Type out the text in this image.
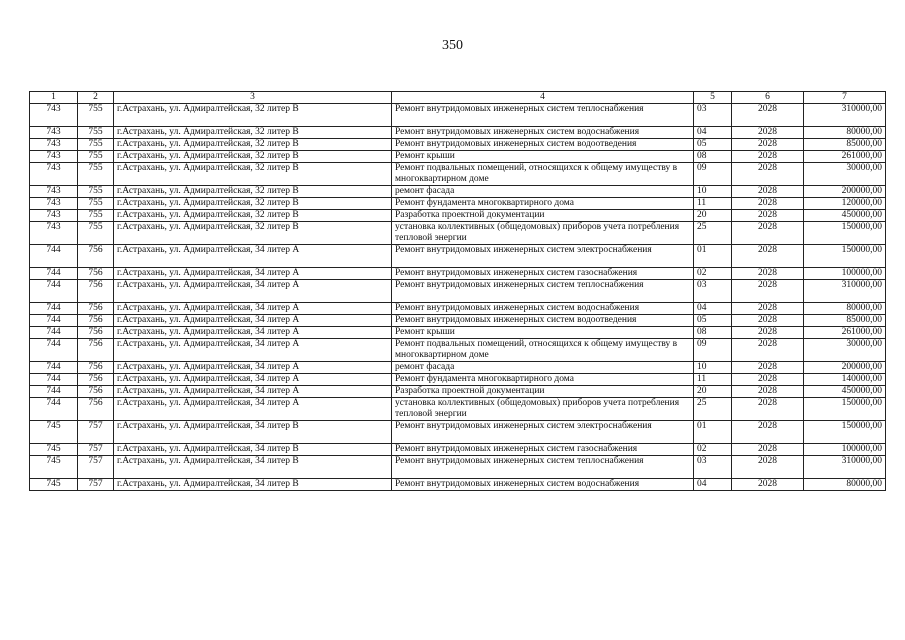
350
1	2	3	4	5	6	7
743	755	г.Астрахань, ул. Адмиралтейская, 32 литер В	Ремонт внутридомовых инженерных систем теплоснабжения	03	2028	310000,00
743	755	г.Астрахань, ул. Адмиралтейская, 32 литер В	Ремонт внутридомовых инженерных систем водоснабжения	04	2028	80000,00
743	755	г.Астрахань, ул. Адмиралтейская, 32 литер В	Ремонт внутридомовых инженерных систем водоотведения	05	2028	85000,00
743	755	г.Астрахань, ул. Адмиралтейская, 32 литер В	Ремонт крыши	08	2028	261000,00
743	755	г.Астрахань, ул. Адмиралтейская, 32 литер В	Ремонт подвальных помещений, относящихся к общему имуществу в многоквартирном доме	09	2028	30000,00
743	755	г.Астрахань, ул. Адмиралтейская, 32 литер В	ремонт фасада	10	2028	200000,00
743	755	г.Астрахань, ул. Адмиралтейская, 32 литер В	Ремонт фундамента многоквартирного дома	11	2028	120000,00
743	755	г.Астрахань, ул. Адмиралтейская, 32 литер В	Разработка проектной документации	20	2028	450000,00
743	755	г.Астрахань, ул. Адмиралтейская, 32 литер В	установка коллективных (общедомовых) приборов учета потребления тепловой энергии	25	2028	150000,00
744	756	г.Астрахань, ул. Адмиралтейская, 34 литер А	Ремонт внутридомовых инженерных систем электроснабжения	01	2028	150000,00
744	756	г.Астрахань, ул. Адмиралтейская, 34 литер А	Ремонт внутридомовых инженерных систем газоснабжения	02	2028	100000,00
744	756	г.Астрахань, ул. Адмиралтейская, 34 литер А	Ремонт внутридомовых инженерных систем теплоснабжения	03	2028	310000,00
744	756	г.Астрахань, ул. Адмиралтейская, 34 литер А	Ремонт внутридомовых инженерных систем водоснабжения	04	2028	80000,00
744	756	г.Астрахань, ул. Адмиралтейская, 34 литер А	Ремонт внутридомовых инженерных систем водоотведения	05	2028	85000,00
744	756	г.Астрахань, ул. Адмиралтейская, 34 литер А	Ремонт крыши	08	2028	261000,00
744	756	г.Астрахань, ул. Адмиралтейская, 34 литер А	Ремонт подвальных помещений, относящихся к общему имуществу в многоквартирном доме	09	2028	30000,00
744	756	г.Астрахань, ул. Адмиралтейская, 34 литер А	ремонт фасада	10	2028	200000,00
744	756	г.Астрахань, ул. Адмиралтейская, 34 литер А	Ремонт фундамента многоквартирного дома	11	2028	140000,00
744	756	г.Астрахань, ул. Адмиралтейская, 34 литер А	Разработка проектной документации	20	2028	450000,00
744	756	г.Астрахань, ул. Адмиралтейская, 34 литер А	установка коллективных (общедомовых) приборов учета потребления тепловой энергии	25	2028	150000,00
745	757	г.Астрахань, ул. Адмиралтейская, 34 литер В	Ремонт внутридомовых инженерных систем электроснабжения	01	2028	150000,00
745	757	г.Астрахань, ул. Адмиралтейская, 34 литер В	Ремонт внутридомовых инженерных систем газоснабжения	02	2028	100000,00
745	757	г.Астрахань, ул. Адмиралтейская, 34 литер В	Ремонт внутридомовых инженерных систем теплоснабжения	03	2028	310000,00
745	757	г.Астрахань, ул. Адмиралтейская, 34 литер В	Ремонт внутридомовых инженерных систем водоснабжения	04	2028	80000,00
